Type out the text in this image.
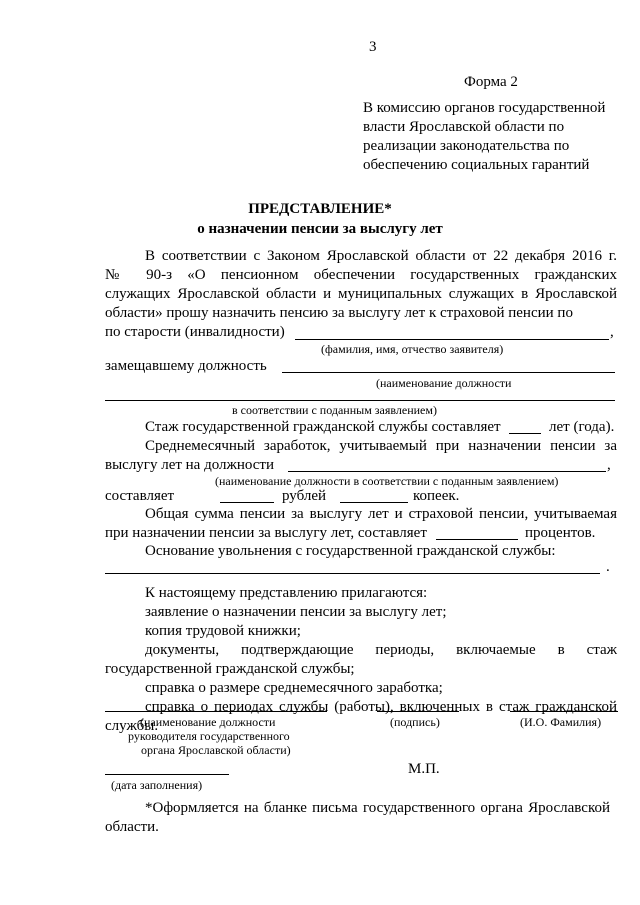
3
Форма 2
В комиссию органов государственной
власти Ярославской области по
реализации законодательства по
обеспечению социальных гарантий
ПРЕДСТАВЛЕНИЕ*
о назначении пенсии за выслугу лет
В соответствии с Законом Ярославской области от 22 декабря 2016 г.
№ 90-з «О пенсионном обеспечении государственных гражданских
служащих Ярославской области и муниципальных служащих в Ярославской
области» прошу назначить пенсию за выслугу лет к страховой пенсии по
по старости (инвалидности)	,
(фамилия, имя, отчество заявителя)
замещавшему должность
(наименование должности
в соответствии с поданным заявлением)
Стаж государственной гражданской службы составляет	лет (года).
Среднемесячный заработок, учитываемый при назначении пенсии за
выслугу лет на должности	,
(наименование должности в соответствии с поданным заявлением)
составляет	рублей	копеек.
Общая сумма пенсии за выслугу лет и страховой пенсии, учитываемая
при назначении пенсии за выслугу лет, составляет	процентов.
Основание увольнения с государственной гражданской службы:
.
К настоящему представлению прилагаются:
заявление о назначении пенсии за выслугу лет;
копия трудовой книжки;
документы, подтверждающие периоды, включаемые в стаж
государственной гражданской службы;
справка о размере среднемесячного заработка;
справка о периодах службы (работы), включенных в стаж гражданской
службы.
(наименование должности
руководителя государственного
органа Ярославской области)
(подпись)	(И.О. Фамилия)
М.П.
(дата заполнения)
*Оформляется на бланке письма государственного органа Ярославской
области.
